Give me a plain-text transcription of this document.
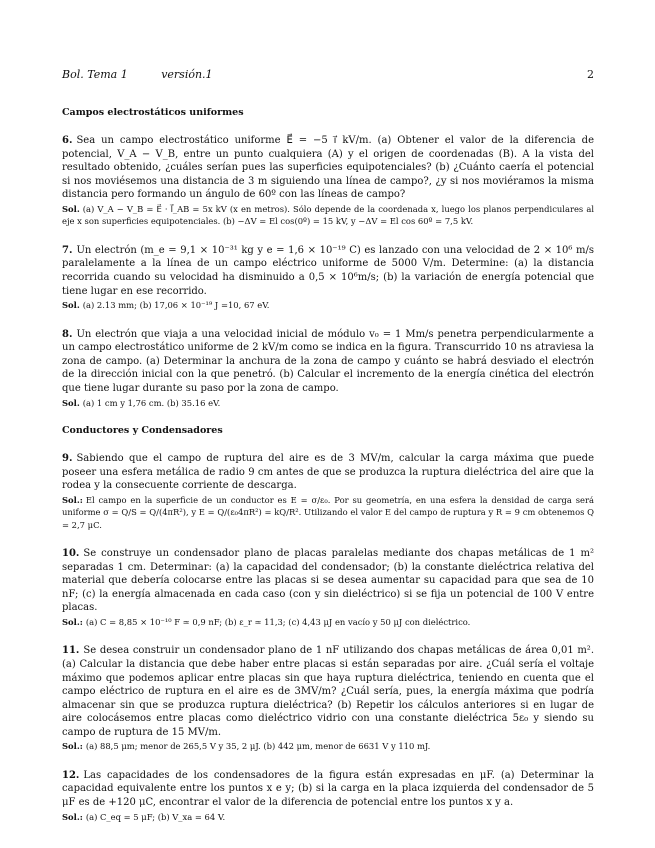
Bol. Tema 1	versión.1	2
Campos electrostáticos uniformes

6. Sea un campo electrostático uniforme E⃗ = −5 ı⃗ kV/m. (a) Obtener el valor de la diferencia de potencial, V_A − V_B, entre un punto cualquiera (A) y el origen de coordenadas (B). A la vista del resultado obtenido, ¿cuáles serían pues las superficies equipotenciales? (b) ¿Cuánto caería el potencial si nos moviésemos una distancia de 3 m siguiendo una línea de campo?, ¿y si nos moviéramos la misma distancia pero formando un ángulo de 60º con las líneas de campo?

Sol. (a) V_A − V_B = E⃗ · l⃗_AB = 5x kV (x en metros). Sólo depende de la coordenada x, luego los planos perpendiculares al eje x son superficies equipotenciales. (b) −ΔV = El cos(0º) = 15 kV, y −ΔV = El cos 60º = 7,5 kV.

7. Un electrón (m_e = 9,1 × 10⁻³¹ kg y e = 1,6 × 10⁻¹⁹ C) es lanzado con una velocidad de 2 × 10⁶ m/s paralelamente a la línea de un campo eléctrico uniforme de 5000 V/m. Determine: (a) la distancia recorrida cuando su velocidad ha disminuido a 0,5 × 10⁶m/s; (b) la variación de energía potencial que tiene lugar en ese recorrido.

Sol. (a) 2.13 mm; (b) 17,06 × 10⁻¹⁹ J =10, 67 eV.

8. Un electrón que viaja a una velocidad inicial de módulo v₀ = 1 Mm/s penetra perpendicularmente a un campo electrostático uniforme de 2 kV/m como se indica en la figura. Transcurrido 10 ns atraviesa la zona de campo. (a) Determinar la anchura de la zona de campo y cuánto se habrá desviado el electrón de la dirección inicial con la que penetró. (b) Calcular el incremento de la energía cinética del electrón que tiene lugar durante su paso por la zona de campo.

Sol. (a) 1 cm y 1,76 cm. (b) 35.16 eV.

Conductores y Condensadores

9. Sabiendo que el campo de ruptura del aire es de 3 MV/m, calcular la carga máxima que puede poseer una esfera metálica de radio 9 cm antes de que se produzca la ruptura dieléctrica del aire que la rodea y la consecuente corriente de descarga.

Sol.: El campo en la superficie de un conductor es E = σ/ε₀. Por su geometría, en una esfera la densidad de carga será uniforme σ = Q/S = Q/(4πR²), y E = Q/(ε₀4πR²) = kQ/R². Utilizando el valor E del campo de ruptura y R = 9 cm obtenemos Q = 2,7 μC.

10. Se construye un condensador plano de placas paralelas mediante dos chapas metálicas de 1 m² separadas 1 cm. Determinar: (a) la capacidad del condensador; (b) la constante dieléctrica relativa del material que debería colocarse entre las placas si se desea aumentar su capacidad para que sea de 10 nF; (c) la energía almacenada en cada caso (con y sin dieléctrico) si se fija un potencial de 100 V entre placas.

Sol.: (a) C = 8,85 × 10⁻¹⁰ F ≃ 0,9 nF; (b) ε_r ≃ 11,3; (c) 4,43 μJ en vacío y 50 μJ con dieléctrico.

11. Se desea construir un condensador plano de 1 nF utilizando dos chapas metálicas de área 0,01 m². (a) Calcular la distancia que debe haber entre placas si están separadas por aire. ¿Cuál sería el voltaje máximo que podemos aplicar entre placas sin que haya ruptura dieléctrica, teniendo en cuenta que el campo eléctrico de ruptura en el aire es de 3MV/m? ¿Cuál sería, pues, la energía máxima que podría almacenar sin que se produzca ruptura dieléctrica? (b) Repetir los cálculos anteriores si en lugar de aire colocásemos entre placas como dieléctrico vidrio con una constante dieléctrica 5ε₀ y siendo su campo de ruptura de 15 MV/m.

Sol.: (a) 88,5 μm; menor de 265,5 V y 35, 2 μJ. (b) 442 μm, menor de 6631 V y 110 mJ.

12. Las capacidades de los condensadores de la figura están expresadas en μF. (a) Determinar la capacidad equivalente entre los puntos x e y; (b) si la carga en la placa izquierda del condensador de 5 μF es de +120 μC, encontrar el valor de la diferencia de potencial entre los puntos x y a.

Sol.: (a) C_eq = 5 μF; (b) V_xa = 64 V.
